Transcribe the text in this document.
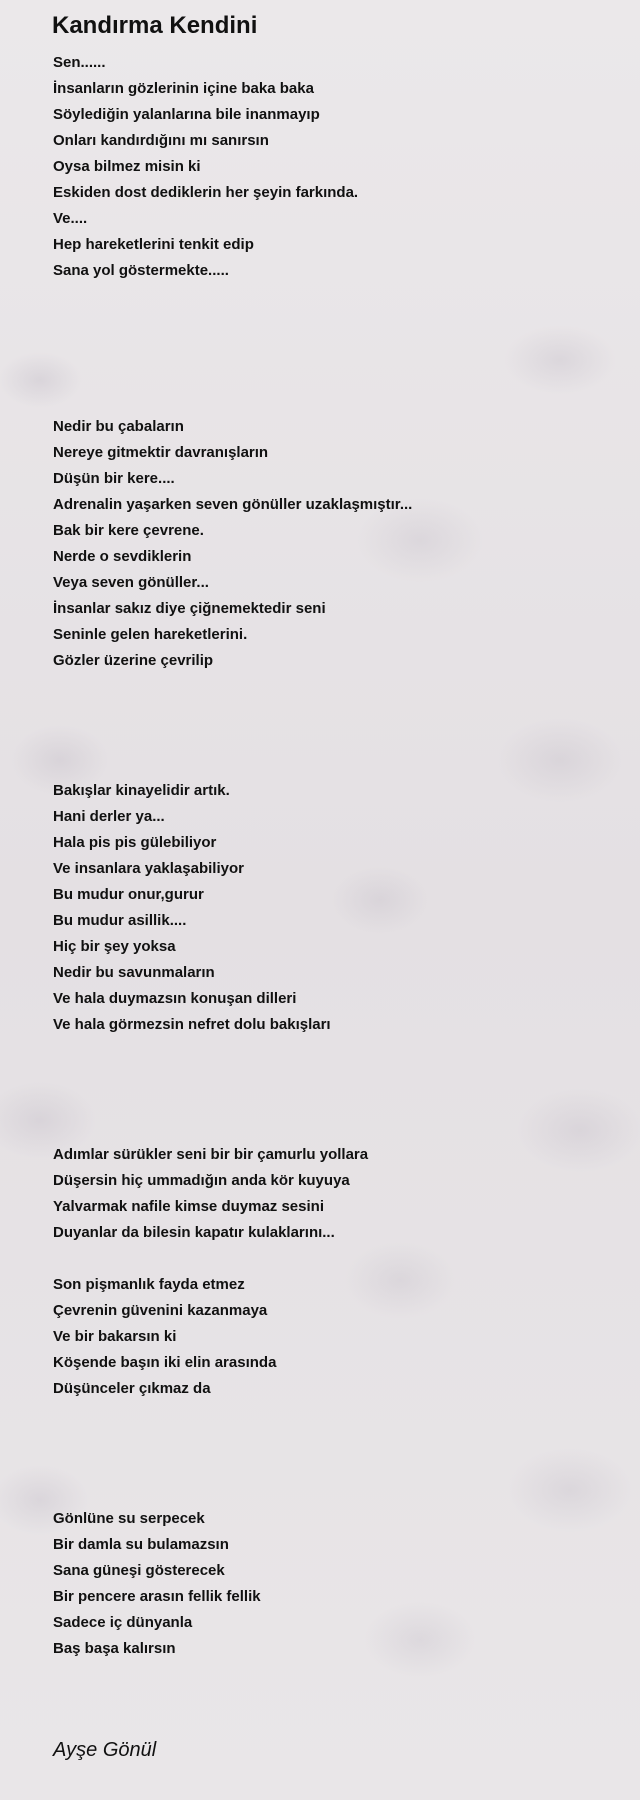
Kandırma Kendini
Sen......
İnsanların gözlerinin içine baka baka
Söylediğin yalanlarına bile inanmayıp
Onları kandırdığını mı sanırsın
Oysa bilmez misin ki
Eskiden dost dediklerin her şeyin farkında.
Ve....
Hep hareketlerini tenkit edip
Sana yol göstermekte.....
Nedir bu çabaların
Nereye gitmektir davranışların
Düşün bir kere....
Adrenalin yaşarken seven gönüller uzaklaşmıştır...
Bak bir kere çevrene.
Nerde o sevdiklerin
Veya seven gönüller...
İnsanlar sakız diye çiğnemektedir seni
Seninle gelen hareketlerini.
Gözler üzerine çevrilip
Bakışlar kinayelidir artık.
Hani derler ya...
Hala pis pis gülebiliyor
Ve insanlara yaklaşabiliyor
Bu mudur onur,gurur
Bu mudur asillik....
Hiç bir şey yoksa
Nedir bu savunmaların
Ve hala duymazsın konuşan dilleri
Ve hala görmezsin nefret dolu bakışları
Adımlar sürükler seni bir bir çamurlu yollara
Düşersin hiç ummadığın anda kör kuyuya
Yalvarmak nafile kimse duymaz sesini
Duyanlar da bilesin kapatır kulaklarını...
Son pişmanlık fayda etmez
Çevrenin güvenini kazanmaya
Ve bir bakarsın ki
Köşende başın iki elin arasında
Düşünceler çıkmaz da
Gönlüne su serpecek
Bir damla su bulamazsın
Sana güneşi gösterecek
Bir pencere arasın fellik fellik
Sadece iç dünyanla
Baş başa kalırsın
Ayşe Gönül
